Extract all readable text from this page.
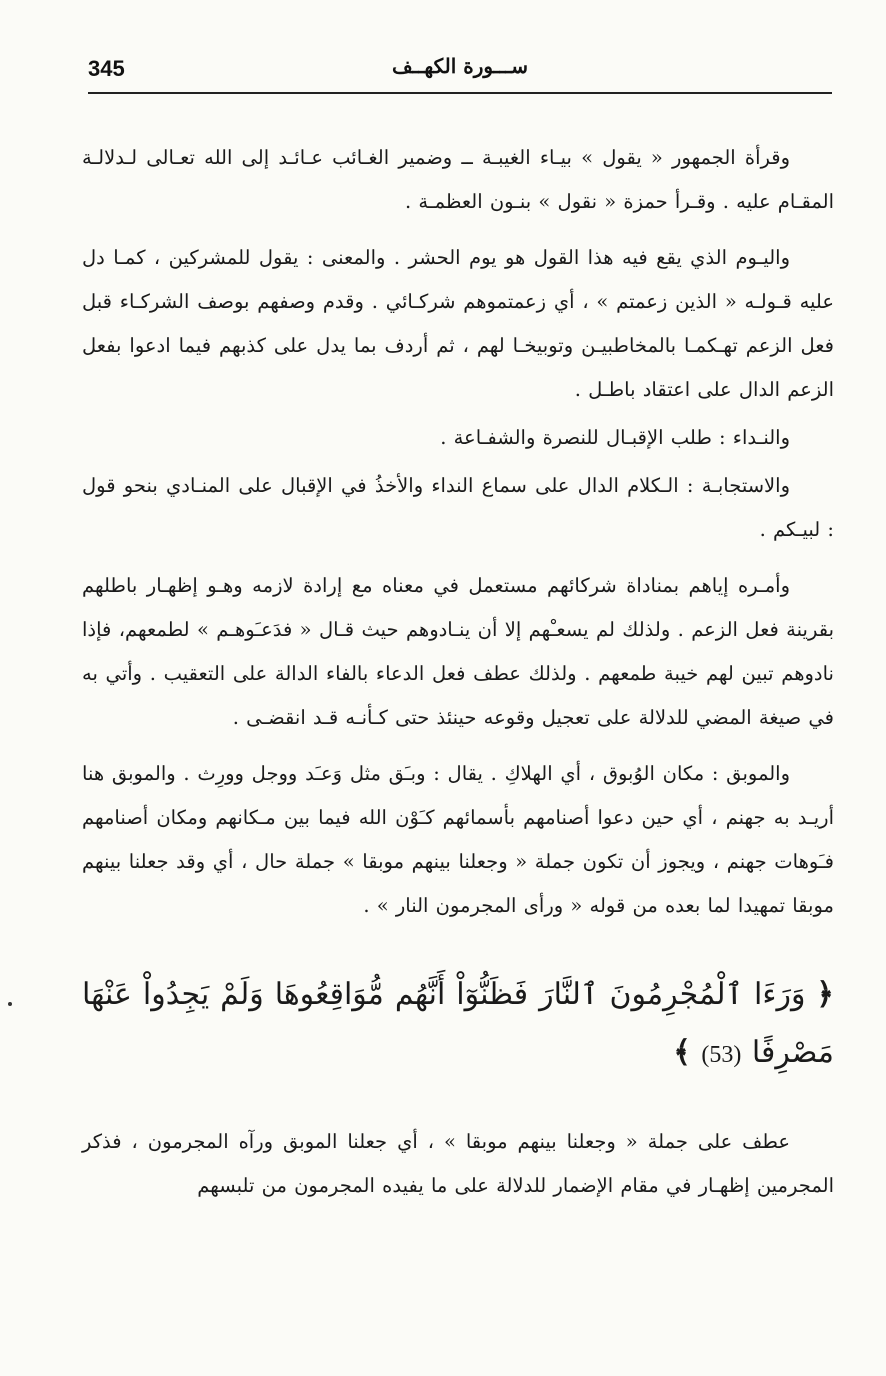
345	ســـورة الكهــف

وقرأة الجمهور « يقول » بيـاء الغيبـة ــ وضمير الغـائب عـائـد إلى الله تعـالى لـدلالـة المقـام عليه . وقـرأ حمزة « نقول » بنـون العظمـة .

واليـوم الذي يقع فيه هذا القول هو يوم الحشر . والمعنى : يقول للمشركين ، كمـا دل عليه قـولـه « الذين زعمتم » ، أي زعمتموهم شركـائي . وقدم وصفهم بوصف الشركـاء قبل فعل الزعم تهـكمـا بالمخاطبيـن وتوبيخـا لهم ، ثم أردف بما يدل على كذبهم فيما ادعوا بفعل الزعم الدال على اعتقاد باطـل .

والنـداء : طلب الإقبـال للنصرة والشفـاعة .

والاستجابـة : الـكلام الدال على سماع النداء والأخذُ في الإقبال على المنـادي بنحو قول : لبيـكم .

وأمـره إياهم بمناداة شركائهم مستعمل في معناه مع إرادة لازمه وهـو إظهـار باطلهم بقرينة فعل الزعم . ولذلك لم يسعـْهم إلا أن ينـادوهم حيث قـال « فدَعـَوهـم » لطمعهم، فإذا نادوهم تبين لهم خيبة طمعهم . ولذلك عطف فعل الدعاء بالفاء الدالة على التعقيب . وأتي به في صيغة المضي للدلالة على تعجيل وقوعه حينئذ حتى كـأنـه قـد انقضـى .

والموبق : مكان الوُبوق ، أي الهلاكِ . يقال : وبـَق مثل وَعـَد ووجل وورِث . والموبق هنا أريـد به جهنم ، أي حين دعوا أصنامهم بأسمائهم كـَوْن الله فيما بين مـكانهم ومكان أصنامهم فـَوهات جهنم ، ويجوز أن تكون جملة « وجعلنا بينهم موبقا » جملة حال ، أي وقد جعلنا بينهم موبقا تمهيدا لما بعده من قوله « ورأى المجرمون النار » .

﴿ وَرَءَا ٱلْمُجْرِمُونَ ٱلنَّارَ فَظَنُّوٓاْ أَنَّهُم مُّوَاقِعُوهَا وَلَمْ يَجِدُواْ عَنْهَا مَصْرِفًا (53) ﴾

عطف على جملة « وجعلنا بينهم موبقا » ، أي جعلنا الموبق ورآه المجرمون ، فذكر المجرمين إظهـار في مقام الإضمار للدلالة على ما يفيده المجرمون من تلبسهم
